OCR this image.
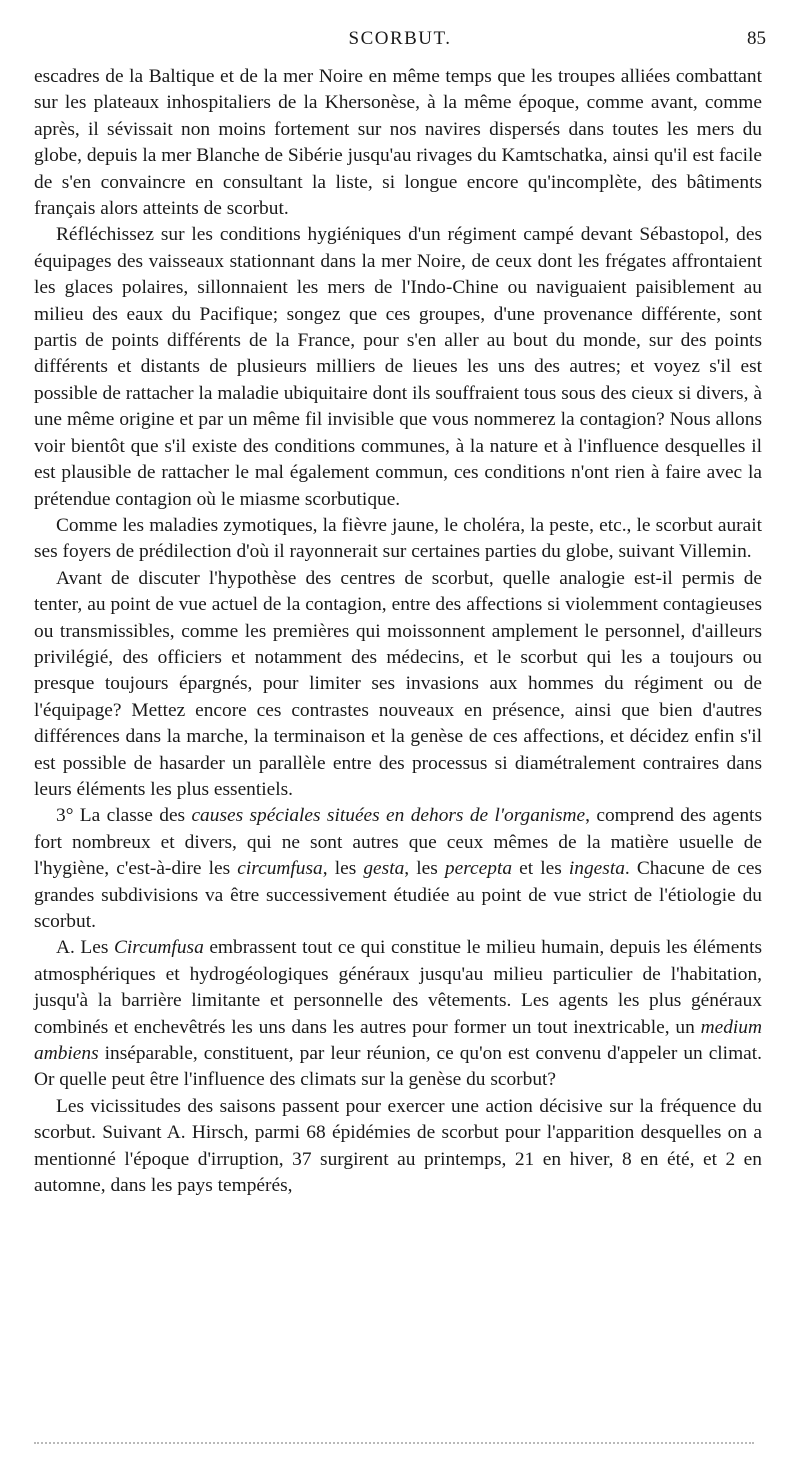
SCORBUT.	85

escadres de la Baltique et de la mer Noire en même temps que les troupes alliées combattant sur les plateaux inhospitaliers de la Khersonèse, à la même époque, comme avant, comme après, il sévissait non moins fortement sur nos navires dispersés dans toutes les mers du globe, depuis la mer Blanche de Sibérie jusqu'au rivages du Kamtschatka, ainsi qu'il est facile de s'en convaincre en consultant la liste, si longue encore qu'incomplète, des bâtiments français alors atteints de scorbut.

Réfléchissez sur les conditions hygiéniques d'un régiment campé devant Sébastopol, des équipages des vaisseaux stationnant dans la mer Noire, de ceux dont les frégates affrontaient les glaces polaires, sillonnaient les mers de l'Indo-Chine ou naviguaient paisiblement au milieu des eaux du Pacifique; songez que ces groupes, d'une provenance différente, sont partis de points différents de la France, pour s'en aller au bout du monde, sur des points différents et distants de plusieurs milliers de lieues les uns des autres; et voyez s'il est possible de rattacher la maladie ubiquitaire dont ils souffraient tous sous des cieux si divers, à une même origine et par un même fil invisible que vous nommerez la contagion? Nous allons voir bientôt que s'il existe des conditions communes, à la nature et à l'influence desquelles il est plausible de rattacher le mal également commun, ces conditions n'ont rien à faire avec la prétendue contagion où le miasme scorbutique.

Comme les maladies zymotiques, la fièvre jaune, le choléra, la peste, etc., le scorbut aurait ses foyers de prédilection d'où il rayonnerait sur certaines parties du globe, suivant Villemin.

Avant de discuter l'hypothèse des centres de scorbut, quelle analogie est-il permis de tenter, au point de vue actuel de la contagion, entre des affections si violemment contagieuses ou transmissibles, comme les premières qui moissonnent amplement le personnel, d'ailleurs privilégié, des officiers et notamment des médecins, et le scorbut qui les a toujours ou presque toujours épargnés, pour limiter ses invasions aux hommes du régiment ou de l'équipage? Mettez encore ces contrastes nouveaux en présence, ainsi que bien d'autres différences dans la marche, la terminaison et la genèse de ces affections, et décidez enfin s'il est possible de hasarder un parallèle entre des processus si diamétralement contraires dans leurs éléments les plus essentiels.

3° La classe des causes spéciales situées en dehors de l'organisme, comprend des agents fort nombreux et divers, qui ne sont autres que ceux mêmes de la matière usuelle de l'hygiène, c'est-à-dire les circumfusa, les gesta, les percepta et les ingesta. Chacune de ces grandes subdivisions va être successivement étudiée au point de vue strict de l'étiologie du scorbut.

A. Les Circumfusa embrassent tout ce qui constitue le milieu humain, depuis les éléments atmosphériques et hydrogéologiques généraux jusqu'au milieu particulier de l'habitation, jusqu'à la barrière limitante et personnelle des vêtements. Les agents les plus généraux combinés et enchevêtrés les uns dans les autres pour former un tout inextricable, un medium ambiens inséparable, constituent, par leur réunion, ce qu'on est convenu d'appeler un climat. Or quelle peut être l'influence des climats sur la genèse du scorbut?

Les vicissitudes des saisons passent pour exercer une action décisive sur la fréquence du scorbut. Suivant A. Hirsch, parmi 68 épidémies de scorbut pour l'apparition desquelles on a mentionné l'époque d'irruption, 37 surgirent au printemps, 21 en hiver, 8 en été, et 2 en automne, dans les pays tempérés,
